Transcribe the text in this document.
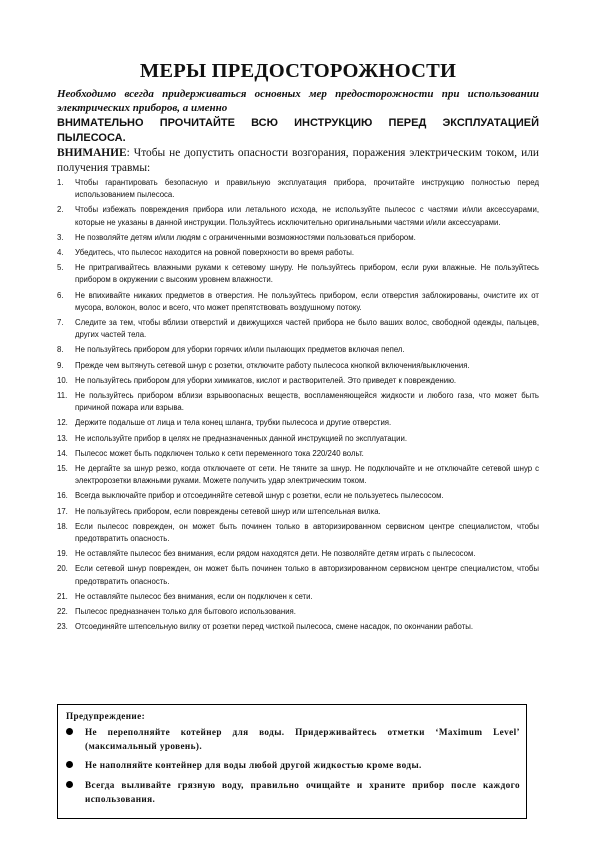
МЕРЫ ПРЕДОСТОРОЖНОСТИ

Необходимо всегда придерживаться основных мер предосторожности при использовании электрических приборов, а именно

ВНИМАТЕЛЬНО ПРОЧИТАЙТЕ ВСЮ ИНСТРУКЦИЮ ПЕРЕД ЭКСПЛУАТАЦИЕЙ ПЫЛЕСОСА.

ВНИМАНИЕ: Чтобы не допустить опасности возгорания, поражения электрическим током, или получения травмы:

1. Чтобы гарантировать безопасную и правильную эксплуатация прибора, прочитайте инструкцию полностью перед использованием пылесоса.
2. Чтобы избежать повреждения прибора или летального исхода, не используйте пылесос с частями и/или аксессуарами, которые не указаны в данной инструкции. Пользуйтесь исключительно оригинальными частями и/или аксессуарами.
3. Не позволяйте детям и/или людям с ограниченными возможностями пользоваться прибором.
4. Убедитесь, что пылесос находится на ровной поверхности во время работы.
5. Не притрагивайтесь влажными руками к сетевому шнуру. Не пользуйтесь прибором, если руки влажные. Не пользуйтесь прибором в окружении с высоким уровнем влажности.
6. Не впихивайте никаких предметов в отверстия. Не пользуйтесь прибором, если отверстия заблокированы, очистите их от мусора, волокон, волос и всего, что может препятствовать воздушному потоку.
7. Следите за тем, чтобы вблизи отверстий и движущихся частей прибора не было ваших волос, свободной одежды, пальцев, других частей тела.
8. Не пользуйтесь прибором для уборки горячих и/или пылающих предметов включая пепел.
9. Прежде чем вытянуть сетевой шнур с розетки, отключите работу пылесоса кнопкой включения/выключения.
10. Не пользуйтесь прибором для уборки химикатов, кислот и растворителей. Это приведет к повреждению.
11. Не пользуйтесь прибором вблизи взрывоопасных веществ, воспламеняющейся жидкости и любого газа, что может быть причиной пожара или взрыва.
12. Держите подальше от лица и тела конец шланга, трубки пылесоса и другие отверстия.
13. Не используйте прибор в целях не предназначенных данной инструкцией по эксплуатации.
14. Пылесос может быть подключен только к сети переменного тока 220/240 вольт.
15. Не дергайте за шнур резко, когда отключаете от сети. Не тяните за шнур. Не подключайте и не отключайте сетевой шнур с электророзетки влажными руками. Можете получить удар электрическим током.
16. Всегда выключайте прибор и отсоединяйте сетевой шнур с розетки, если не пользуетесь пылесосом.
17. Не пользуйтесь прибором, если повреждены сетевой шнур или штепсельная вилка.
18. Если пылесос поврежден, он может быть починен только в авторизированном сервисном центре специалистом, чтобы предотвратить опасность.
19. Не оставляйте пылесос без внимания, если рядом находятся дети. Не позволяйте детям играть с пылесосом.
20. Если сетевой шнур поврежден, он может быть починен только в авторизированном сервисном центре специалистом, чтобы предотвратить опасность.
21. Не оставляйте пылесос без внимания, если он подключен к сети.
22. Пылесос предназначен только для бытового использования.
23. Отсоединяйте штепсельную вилку от розетки перед чисткой пылесоса, смене насадок, по окончании работы.
Предупреждение:
Не переполняйте котейнер для воды. Придерживайтесь отметки ‘Maximum Level’ (максимальный уровень).
Не наполняйте контейнер для воды любой другой жидкостью кроме воды.
Всегда выливайте грязную воду, правильно очищайте и храните прибор после каждого использования.
